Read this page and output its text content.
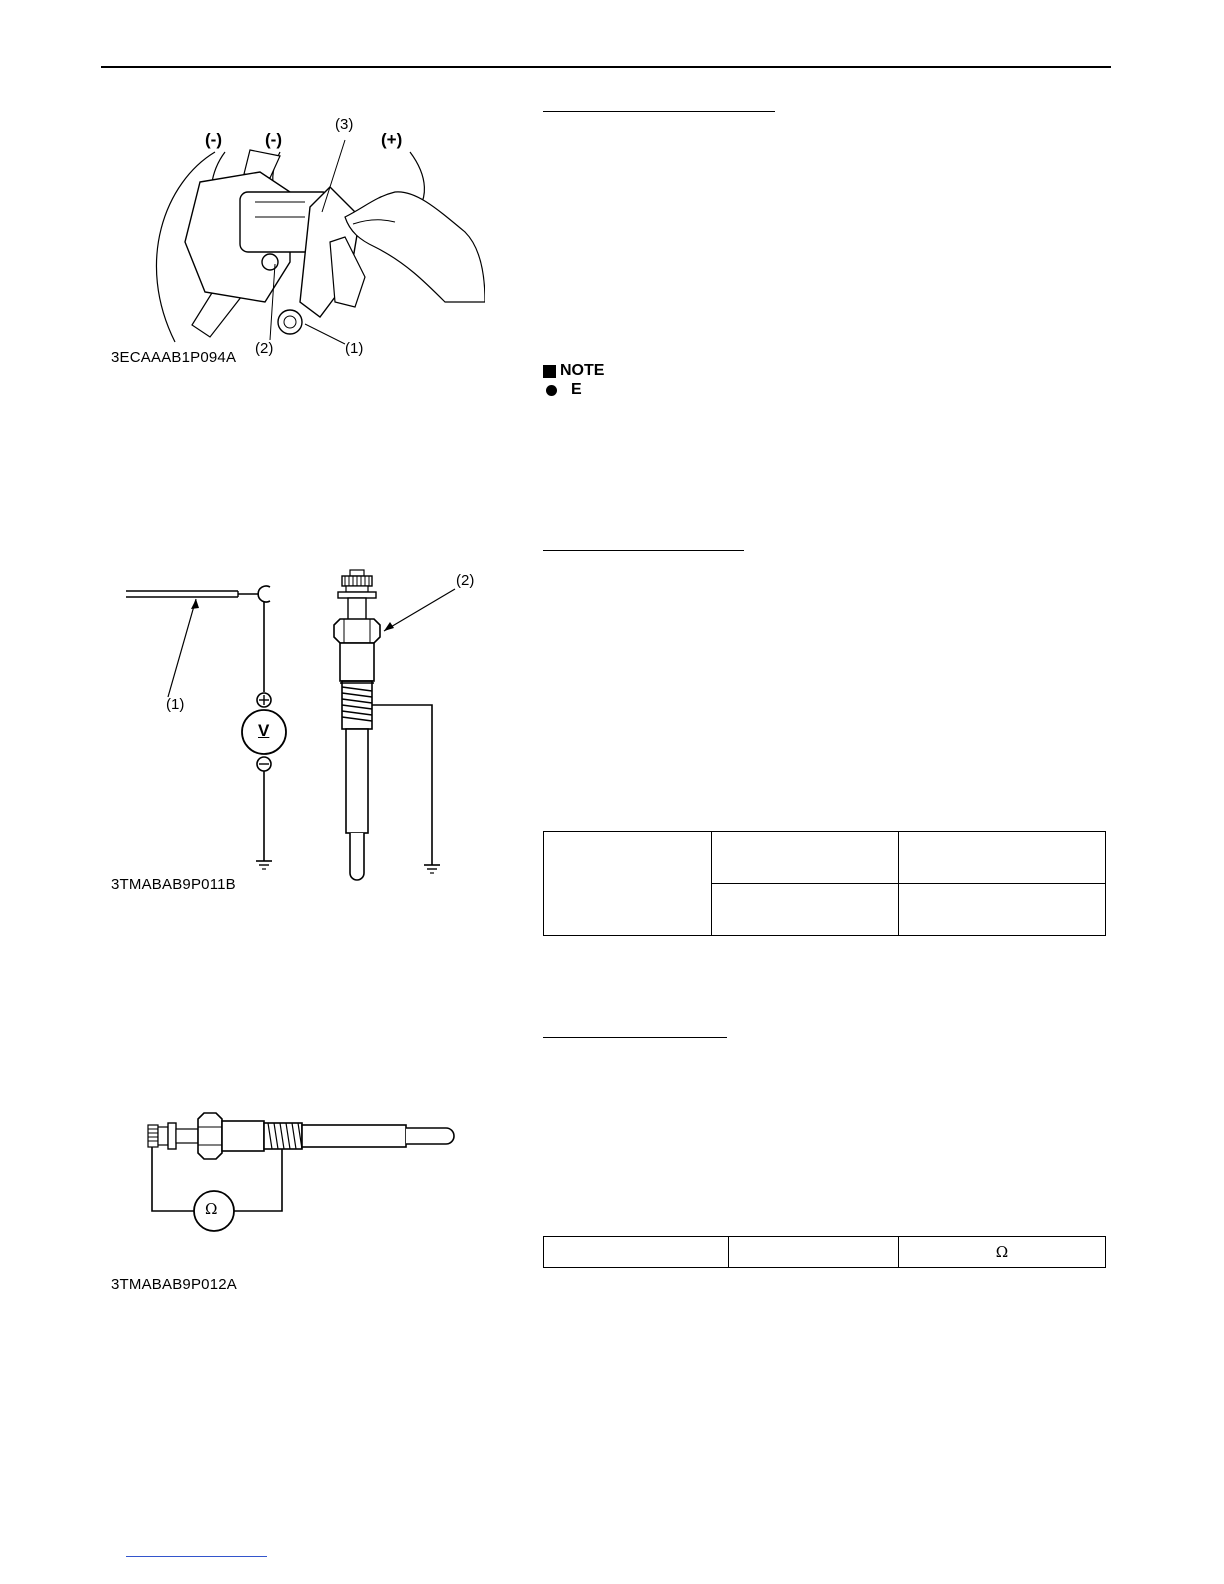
(-)	(-)	(+)
(3)
(2)	(1)
3ECAAAB1P094A
NOTE
E
V
(1)
(2)
3TMABAB9P011B

Ω
3TMABAB9P012A
		Ω
